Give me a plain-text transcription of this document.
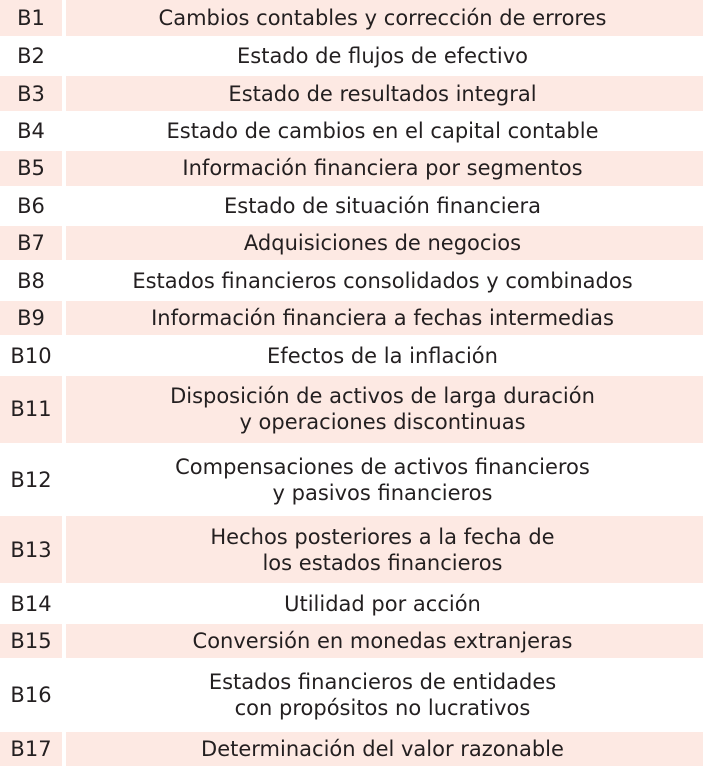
B1		Cambios contables y corrección de errores

B2		Estado de flujos de efectivo

B3		Estado de resultados integral

B4		Estado de cambios en el capital contable

B5		Información financiera por segmentos

B6		Estado de situación financiera

B7		Adquisiciones de negocios

B8		Estados financieros consolidados y combinados

B9		Información financiera a fechas intermedias

B10		Efectos de la inflación

B11		Disposición de activos de larga duración
y operaciones discontinuas

B12		Compensaciones de activos financieros
y pasivos financieros

B13		Hechos posteriores a la fecha de
los estados financieros

B14		Utilidad por acción

B15		Conversión en monedas extranjeras

B16		Estados financieros de entidades
con propósitos no lucrativos

B17		Determinación del valor razonable
